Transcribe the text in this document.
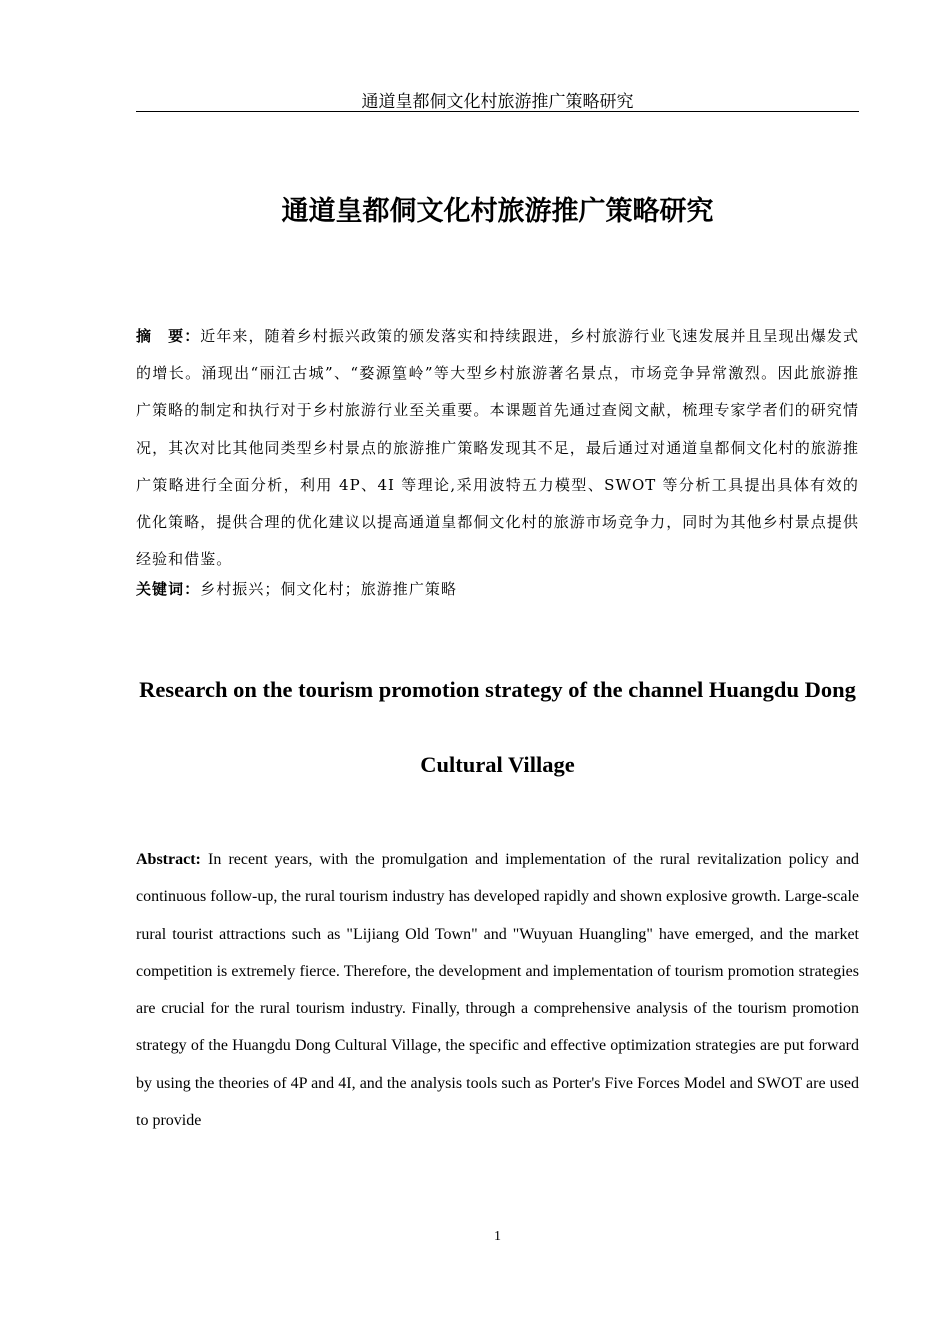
通道皇都侗文化村旅游推广策略研究
通道皇都侗文化村旅游推广策略研究
摘　要：近年来，随着乡村振兴政策的颁发落实和持续跟进，乡村旅游行业飞速发展并且呈现出爆发式的增长。涌现出“丽江古城”、“婺源篁岭”等大型乡村旅游著名景点，市场竞争异常激烈。因此旅游推广策略的制定和执行对于乡村旅游行业至关重要。本课题首先通过查阅文献，梳理专家学者们的研究情况，其次对比其他同类型乡村景点的旅游推广策略发现其不足，最后通过对通道皇都侗文化村的旅游推广策略进行全面分析，利用 4P、4I 等理论,采用波特五力模型、SWOT 等分析工具提出具体有效的优化策略，提供合理的优化建议以提高通道皇都侗文化村的旅游市场竞争力，同时为其他乡村景点提供经验和借鉴。
关键词：乡村振兴；侗文化村；旅游推广策略
Research on the tourism promotion strategy of the channel Huangdu Dong Cultural Village
Abstract: In recent years, with the promulgation and implementation of the rural revitalization policy and continuous follow-up, the rural tourism industry has developed rapidly and shown explosive growth. Large-scale rural tourist attractions such as "Lijiang Old Town" and "Wuyuan Huangling" have emerged, and the market competition is extremely fierce. Therefore, the development and implementation of tourism promotion strategies are crucial for the rural tourism industry. Finally, through a comprehensive analysis of the tourism promotion strategy of the Huangdu Dong Cultural Village, the specific and effective optimization strategies are put forward by using the theories of 4P and 4I, and the analysis tools such as Porter's Five Forces Model and SWOT are used to provide
1
